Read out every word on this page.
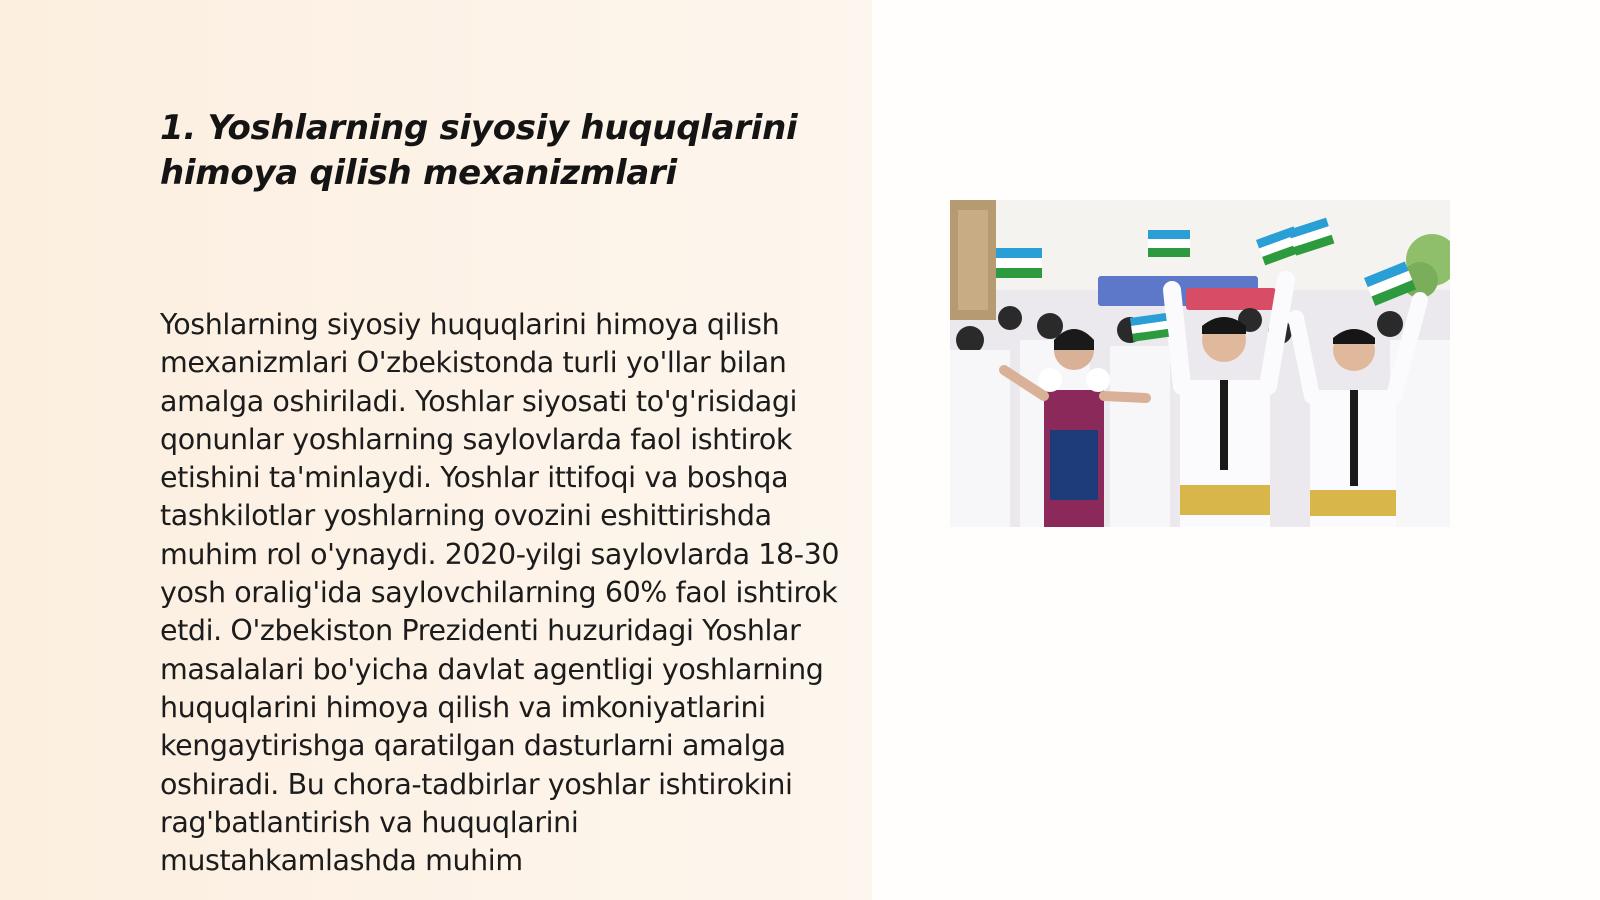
1. Yoshlarning siyosiy huquqlarini himoya qilish mexanizmlari

Yoshlarning siyosiy huquqlarini himoya qilish mexanizmlari O'zbekistonda turli yo'llar bilan amalga oshiriladi. Yoshlar siyosati to'g'risidagi qonunlar yoshlarning saylovlarda faol ishtirok etishini ta'minlaydi. Yoshlar ittifoqi va boshqa tashkilotlar yoshlarning ovozini eshittirishda muhim rol o'ynaydi. 2020-yilgi saylovlarda 18-30 yosh oralig'ida saylovchilarning 60% faol ishtirok etdi. O'zbekiston Prezidenti huzuridagi Yoshlar masalalari bo'yicha davlat agentligi yoshlarning huquqlarini himoya qilish va imkoniyatlarini kengaytirishga qaratilgan dasturlarni amalga oshiradi. Bu chora-tadbirlar yoshlar ishtirokini rag'batlantirish va huquqlarini mustahkamlashda muhim
